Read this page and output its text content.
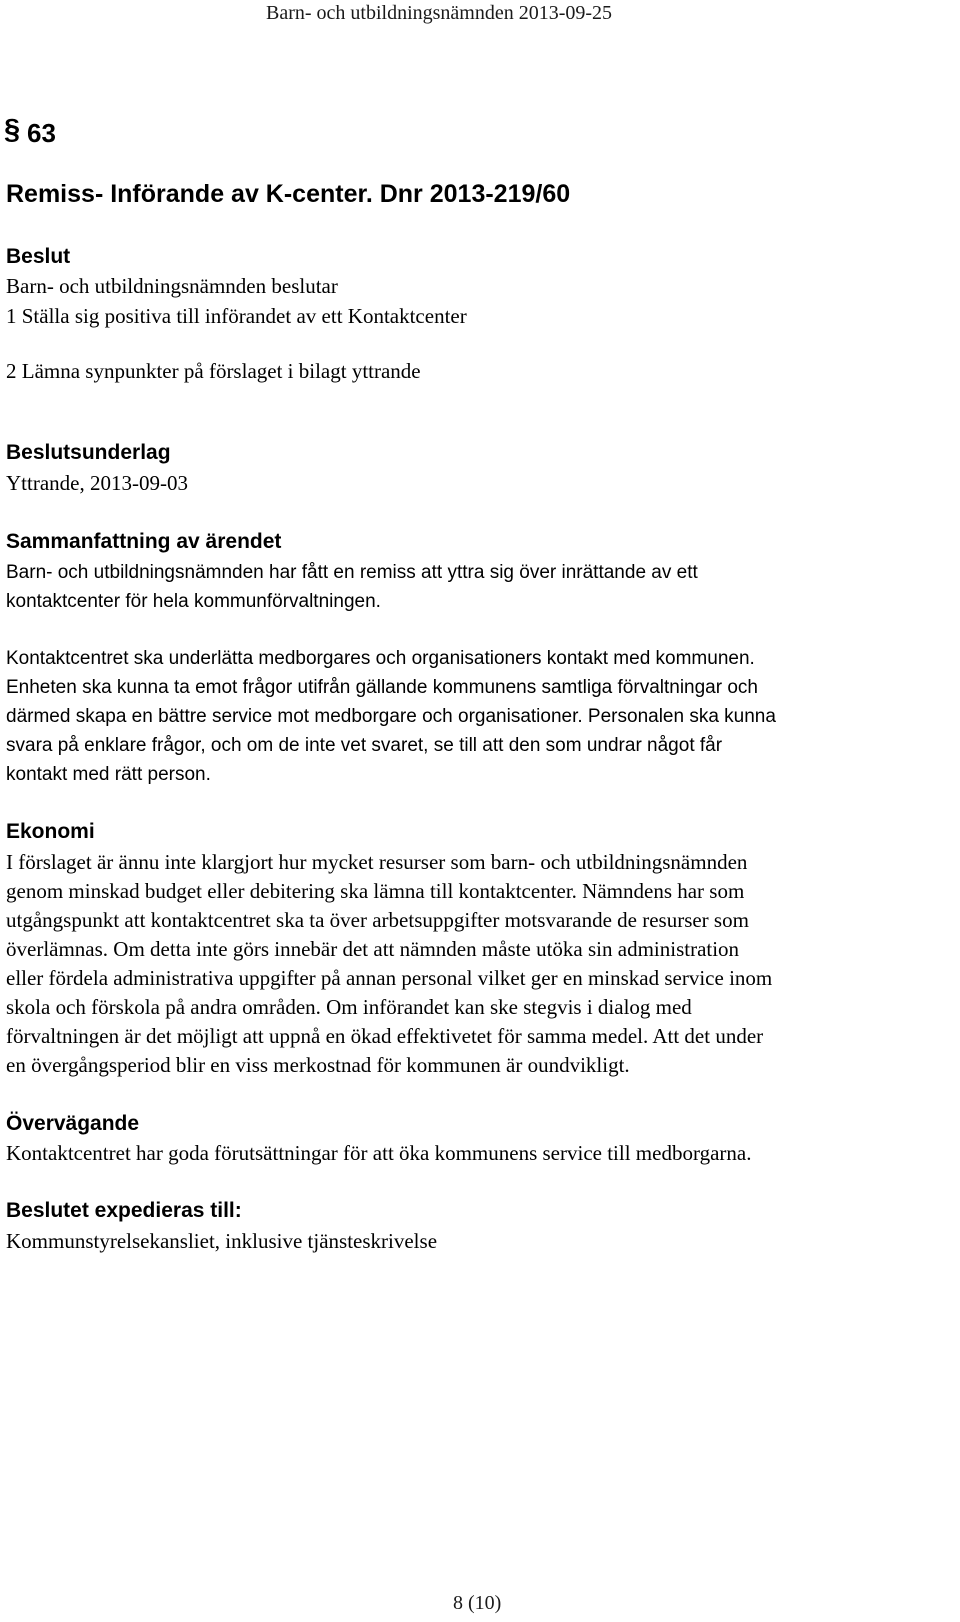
Barn- och utbildningsnämnden 2013-09-25
§ 63
Remiss- Införande av K-center. Dnr 2013-219/60
Beslut
Barn- och utbildningsnämnden beslutar
1 Ställa sig positiva till införandet av ett Kontaktcenter
2 Lämna synpunkter på förslaget i bilagt yttrande
Beslutsunderlag
Yttrande, 2013-09-03
Sammanfattning av ärendet
Barn- och utbildningsnämnden har fått en remiss att yttra sig över inrättande av ett
kontaktcenter för hela kommunförvaltningen.
Kontaktcentret ska underlätta medborgares och organisationers kontakt med kommunen.
Enheten ska kunna ta emot frågor utifrån gällande kommunens samtliga förvaltningar och
därmed skapa en bättre service mot medborgare och organisationer. Personalen ska kunna
svara på enklare frågor, och om de inte vet svaret, se till att den som undrar något får
kontakt med rätt person.
Ekonomi
I förslaget är ännu inte klargjort hur mycket resurser som barn- och utbildningsnämnden
genom minskad budget eller debitering ska lämna till kontaktcenter. Nämndens har som
utgångspunkt att kontaktcentret ska ta över arbetsuppgifter motsvarande de resurser som
överlämnas. Om detta inte görs innebär det att nämnden måste utöka sin administration
eller fördela administrativa uppgifter på annan personal vilket ger en minskad service inom
skola och förskola på andra områden. Om införandet kan ske stegvis i dialog med
förvaltningen är det möjligt att uppnå en ökad effektivetet för samma medel. Att det under
en övergångsperiod blir en viss merkostnad för kommunen är oundvikligt.
Övervägande
Kontaktcentret har goda förutsättningar för att öka kommunens service till medborgarna.
Beslutet expedieras till:
Kommunstyrelsekansliet, inklusive tjänsteskrivelse
8 (10)
